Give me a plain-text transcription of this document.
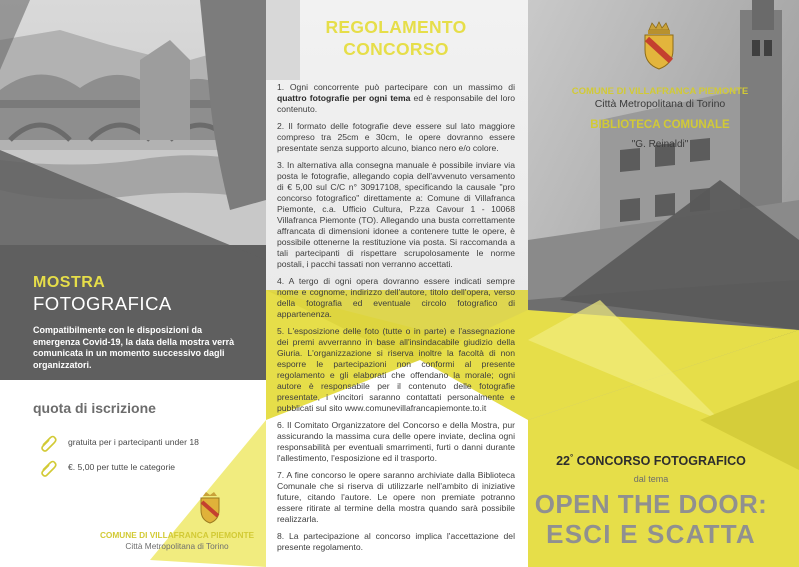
MOSTRA
FOTOGRAFICA
Compatibilmente con le disposizioni da emergenza Covid-19, la data della mostra verrà comunicata in un momento successivo dagli organizzatori.
quota di iscrizione
gratuita per i partecipanti under 18
€. 5,00 per tutte le categorie
COMUNE DI VILLAFRANCA PIEMONTE
Città Metropolitana di Torino
REGOLAMENTO
CONCORSO

1. Ogni concorrente può partecipare con un massimo di quattro fotografie per ogni tema ed è responsabile del loro contenuto.

2. Il formato delle fotografie deve essere sul lato maggiore compreso tra 25cm e 30cm, le opere dovranno essere presentate senza supporto alcuno, bianco nero e/o colore.

3. In alternativa alla consegna manuale è possibile inviare via posta le fotografie, allegando copia dell'avvenuto versamento di € 5,00 sul C/C n° 30917108, specificando la causale "pro concorso fotografico" direttamente a: Comune di Villafranca Piemonte, c.a. Ufficio Cultura, P.zza Cavour 1 - 10068 Villafranca Piemonte (TO). Allegando una busta correttamente affrancata di dimensioni idonee a contenere tutte le opere, è possibile ottenerne la restituzione via posta. Si raccomanda a tali partecipanti di rispettare scrupolosamente le norme postali, i pacchi tassati non verranno accettati.

4. A tergo di ogni opera dovranno essere indicati sempre nome e cognome, indirizzo dell'autore, titolo dell'opera, verso della fotografia ed eventuale circolo fotografico di appartenenza.

5. L'esposizione delle foto (tutte o in parte) e l'assegnazione dei premi avverranno in base all'insindacabile giudizio della Giuria. L'organizzazione si riserva inoltre la facoltà di non esporre le partecipazioni non conformi al presente regolamento e gli elaborati che offendano la morale; ogni autore è responsabile per il contenuto delle fotografie presentate, i vincitori saranno contattati personalmente e pubblicati sul sito www.comunevillafrancapiemonte.to.it

6. Il Comitato Organizzatore del Concorso e della Mostra, pur assicurando la massima cura delle opere inviate, declina ogni responsabilità per eventuali smarrimenti, furti o danni durante l'allestimento, l'esposizione ed il trasporto.

7. A fine concorso le opere saranno archiviate dalla Biblioteca Comunale che si riserva di utilizzarle nell'ambito di iniziative future, citando l'autore. Le opere non premiate potranno essere ritirate al termine della mostra quando sarà possibile realizzarla.

8. La partecipazione al concorso implica l'accettazione del presente regolamento.

COMUNE DI VILLAFRANCA PIEMONTE
Città Metropolitana di Torino
BIBLIOTECA COMUNALE
"G. Reinaldi"
22° CONCORSO FOTOGRAFICO
dal tema
OPEN THE DOOR:
ESCI E SCATTA
